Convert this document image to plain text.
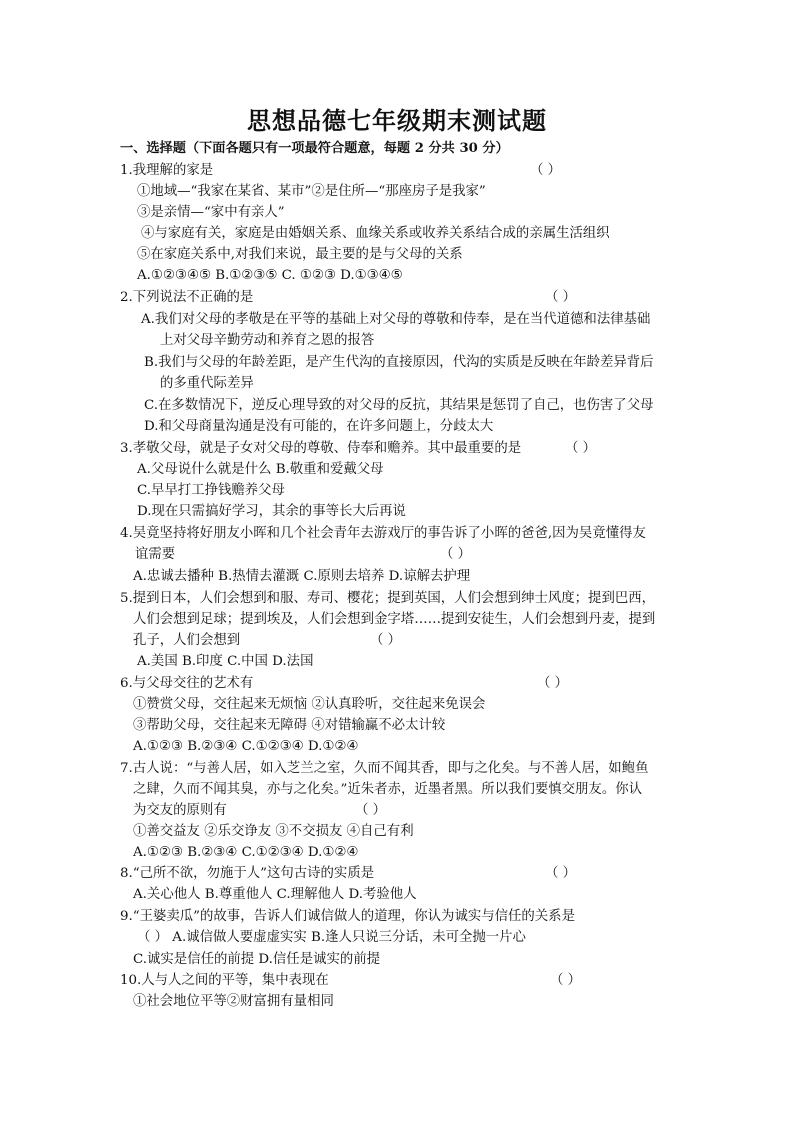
思想品德七年级期末测试题
一、选择题（下面各题只有一项最符合题意，每题 2 分共 30 分）
1.我理解的家是	（ ）
①地域—“我家在某省、某市”②是住所—“那座房子是我家”
③是亲情—“家中有亲人”
④与家庭有关，家庭是由婚姻关系、血缘关系或收养关系结合成的亲属生活组织
⑤在家庭关系中,对我们来说，最主要的是与父母的关系
A.①②③④⑤ B.①②③⑤ C. ①②③ D.①③④⑤
2.下列说法不正确的是	（ ）
A.我们对父母的孝敬是在平等的基础上对父母的尊敬和侍奉，是在当代道德和法律基础
上对父母辛勤劳动和养育之恩的报答
B.我们与父母的年龄差距，是产生代沟的直接原因，代沟的实质是反映在年龄差异背后
的多重代际差异
C.在多数情况下，逆反心理导致的对父母的反抗，其结果是惩罚了自己，也伤害了父母
D.和父母商量沟通是没有可能的，在许多问题上，分歧太大
3.孝敬父母，就是子女对父母的尊敬、侍奉和赡养。其中最重要的是	（ ）
A.父母说什么就是什么 B.敬重和爱戴父母
C.早早打工挣钱赡养父母
D.现在只需搞好学习，其余的事等长大后再说
4.吴竟坚持将好朋友小晖和几个社会青年去游戏厅的事告诉了小晖的爸爸,因为吴竟懂得友
谊需要	（ ）
A.忠诚去播种 B.热情去灌溉 C.原则去培养 D.谅解去护理
5.提到日本，人们会想到和服、寿司、樱花；提到英国，人们会想到绅士风度；提到巴西，
人们会想到足球；提到埃及，人们会想到金字塔……提到安徒生，人们会想到丹麦，提到
孔子，人们会想到	（ ）
A.美国 B.印度 C.中国 D.法国
6.与父母交往的艺术有	（ ）
①赞赏父母，交往起来无烦恼 ②认真聆听，交往起来免误会
③帮助父母，交往起来无障碍 ④对错输赢不必太计较
A.①②③ B.②③④ C.①②③④ D.①②④
7.古人说：“与善人居，如入芝兰之室，久而不闻其香，即与之化矣。与不善人居，如鲍鱼
之肆，久而不闻其臭，亦与之化矣。”近朱者赤，近墨者黑。所以我们要慎交朋友。你认
为交友的原则有	（ ）
①善交益友 ②乐交诤友 ③不交损友 ④自己有利
A.①②③ B.②③④ C.①②③④ D.①②④
8.“己所不欲，勿施于人”这句古诗的实质是	（ ）
A.关心他人 B.尊重他人 C.理解他人 D.考验他人
9.“王婆卖瓜”的故事，告诉人们诚信做人的道理，你认为诚实与信任的关系是
（ ） A.诚信做人要虚虚实实 B.逢人只说三分话，未可全抛一片心
C.诚实是信任的前提 D.信任是诚实的前提
10.人与人之间的平等，集中表现在	（ ）
①社会地位平等②财富拥有量相同
